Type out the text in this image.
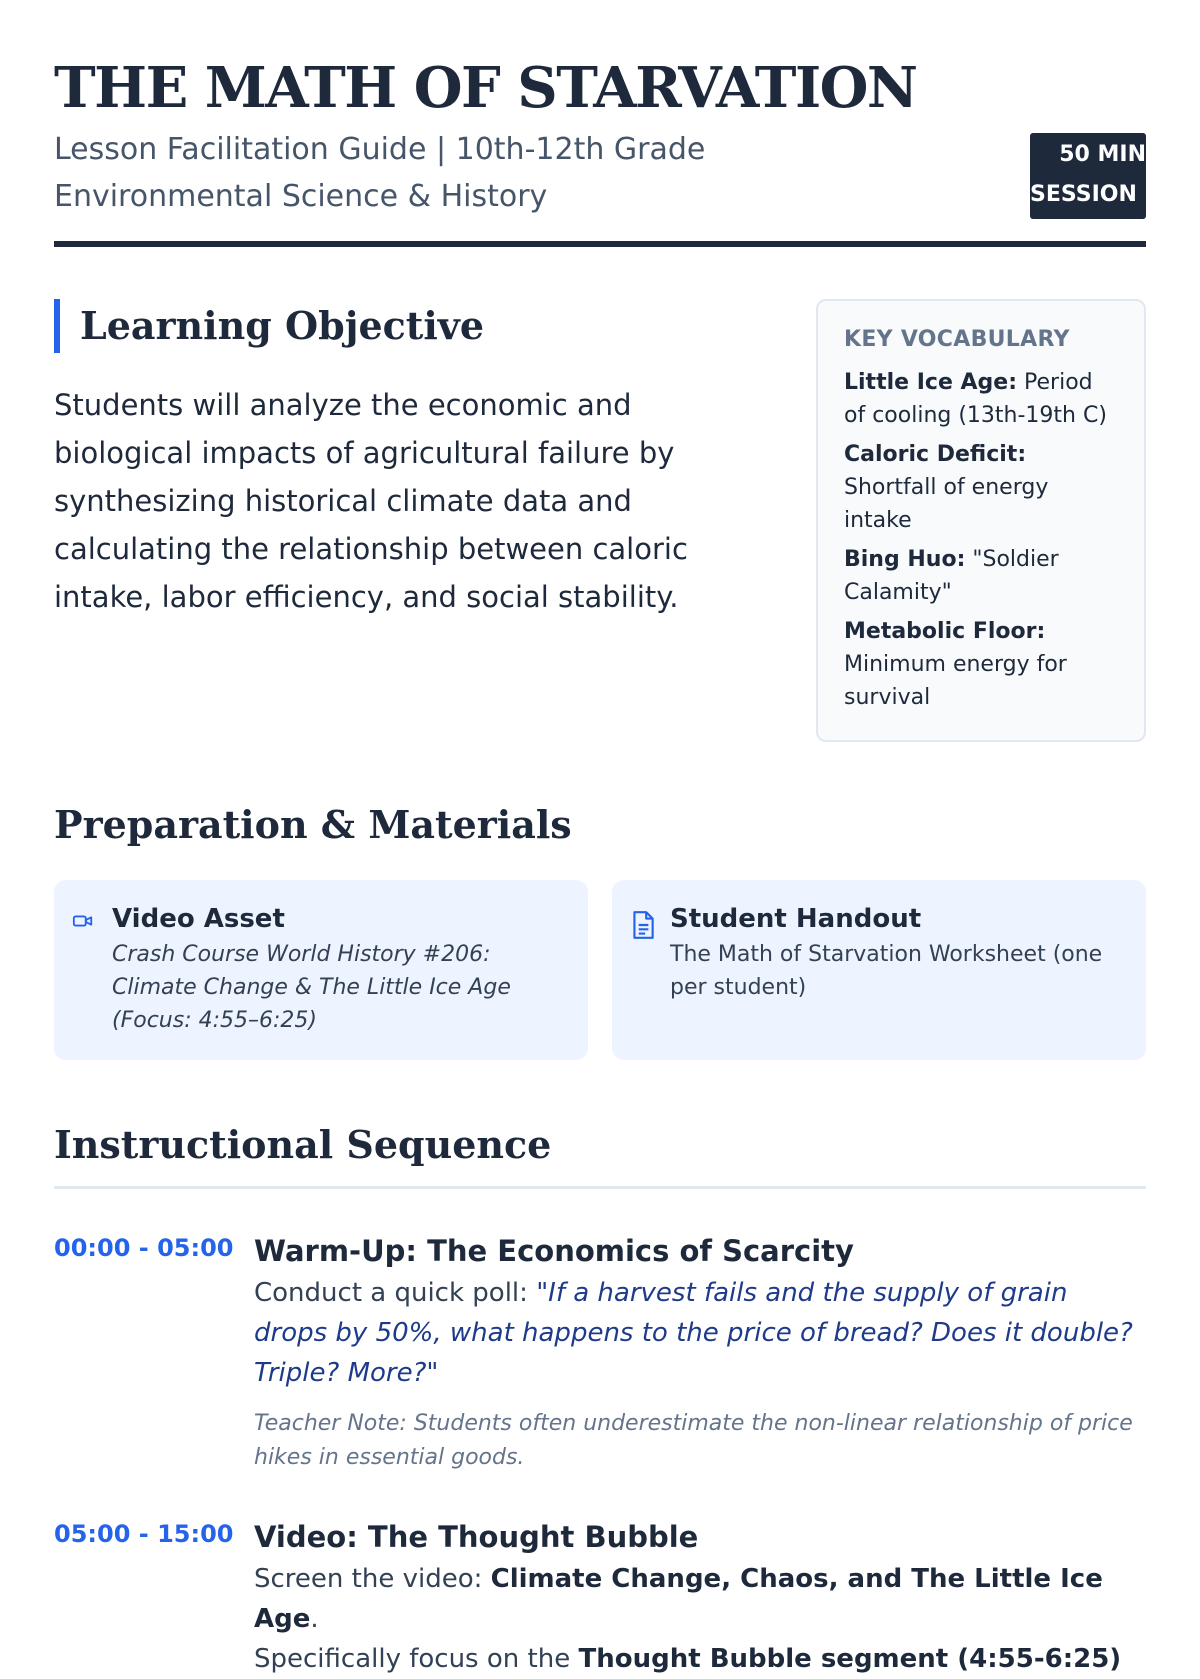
THE MATH OF STARVATION

Lesson Facilitation Guide | 10th-12th Grade Environmental Science & History

50 MIN
SESSION
Learning Objective

Students will analyze the economic and biological impacts of agricultural failure by synthesizing historical climate data and calculating the relationship between caloric intake, labor efficiency, and social stability.

KEY VOCABULARY
Little Ice Age: Period of cooling (13th-19th C)
Caloric Deficit: Shortfall of energy intake
Bing Huo: "Soldier Calamity"
Metabolic Floor: Minimum energy for survival
Preparation & Materials
Video Asset
Crash Course World History #206: Climate Change & The Little Ice Age (Focus: 4:55–6:25)
Student Handout
The Math of Starvation Worksheet (one per student)
Instructional Sequence
00:00 - 05:00 Warm-Up: The Economics of Scarcity

Conduct a quick poll: "If a harvest fails and the supply of grain drops by 50%, what happens to the price of bread? Does it double? Triple? More?"

Teacher Note: Students often underestimate the non-linear relationship of price hikes in essential goods.

05:00 - 15:00 Video: The Thought Bubble

Screen the video: Climate Change, Chaos, and The Little Ice Age.
Specifically focus on the Thought Bubble segment (4:55-6:25)
